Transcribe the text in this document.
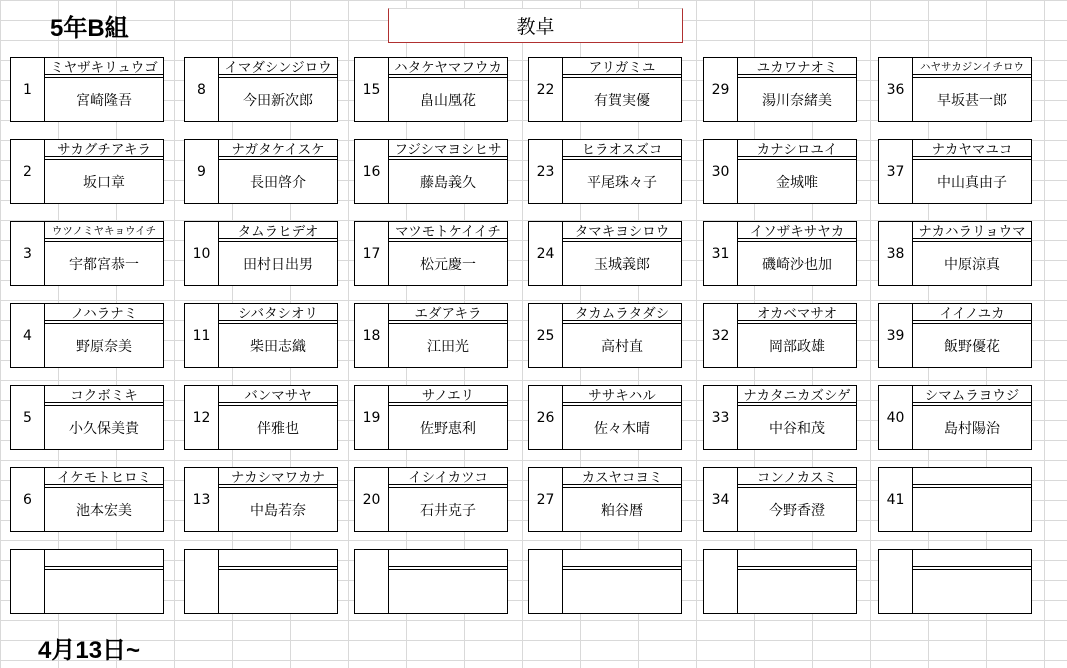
5年B組	教卓
4月13日~
1
ミヤザキリュウゴ
宮崎隆吾
2
サカグチアキラ
坂口章
3
ウツノミヤキョウイチ
宇都宮恭一
4
ノハラナミ
野原奈美
5
コクボミキ
小久保美貴
6
イケモトヒロミ
池本宏美
8
イマダシンジロウ
今田新次郎
9
ナガタケイスケ
長田啓介
10
タムラヒデオ
田村日出男
11
シバタシオリ
柴田志織
12
バンマサヤ
伴雅也
13
ナカシマワカナ
中島若奈
15
ハタケヤマフウカ
畠山凰花
16
フジシマヨシヒサ
藤島義久
17
マツモトケイイチ
松元慶一
18
エダアキラ
江田光
19
サノエリ
佐野恵利
20
イシイカツコ
石井克子
22
アリガミユ
有賀実優
23
ヒラオスズコ
平尾珠々子
24
タマキヨシロウ
玉城義郎
25
タカムラタダシ
高村直
26
ササキハル
佐々木晴
27
カスヤコヨミ
粕谷暦
29
ユカワナオミ
湯川奈緒美
30
カナシロユイ
金城唯
31
イソザキサヤカ
磯崎沙也加
32
オカベマサオ
岡部政雄
33
ナカタニカズシゲ
中谷和茂
34
コンノカスミ
今野香澄
36
ハヤサカジンイチロウ
早坂甚一郎
37
ナカヤマユコ
中山真由子
38
ナカハラリョウマ
中原涼真
39
イイノユカ
飯野優花
40
シマムラヨウジ
島村陽治
41
